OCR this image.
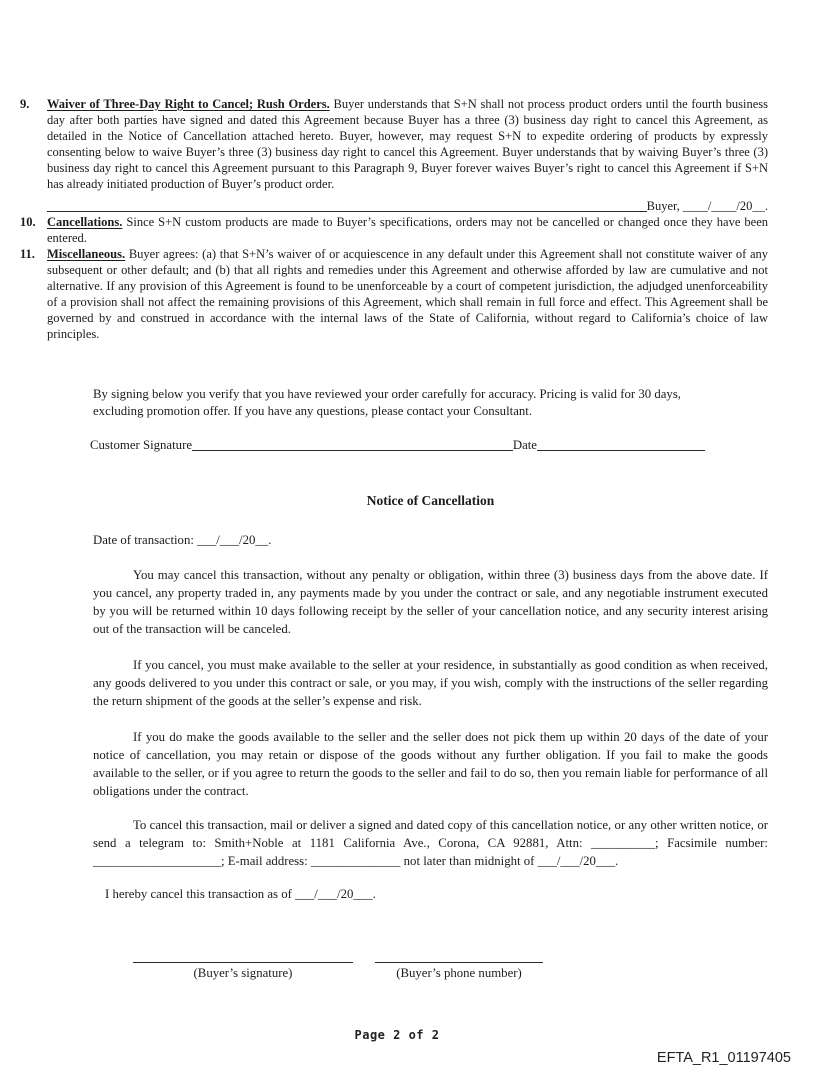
9.	Waiver of Three-Day Right to Cancel; Rush Orders. Buyer understands that S+N shall not process product orders until the fourth business day after both parties have signed and dated this Agreement because Buyer has a three (3) business day right to cancel this Agreement, as detailed in the Notice of Cancellation attached hereto. Buyer, however, may request S+N to expedite ordering of products by expressly consenting below to waive Buyer’s three (3) business day right to cancel this Agreement. Buyer understands that by waiving Buyer’s three (3) business day right to cancel this Agreement pursuant to this Paragraph 9, Buyer forever waives Buyer’s right to cancel this Agreement if S+N has already initiated production of Buyer’s product order.
Buyer, ____/____/20__.
10. Cancellations. Since S+N custom products are made to Buyer’s specifications, orders may not be cancelled or changed once they have been entered.
11. Miscellaneous. Buyer agrees: (a) that S+N’s waiver of or acquiescence in any default under this Agreement shall not constitute waiver of any subsequent or other default; and (b) that all rights and remedies under this Agreement and otherwise afforded by law are cumulative and not alternative. If any provision of this Agreement is found to be unenforceable by a court of competent jurisdiction, the adjudged unenforceability of a provision shall not affect the remaining provisions of this Agreement, which shall remain in full force and effect. This Agreement shall be governed by and construed in accordance with the internal laws of the State of California, without regard to California’s choice of law principles.
By signing below you verify that you have reviewed your order carefully for accuracy. Pricing is valid for 30 days, excluding promotion offer. If you have any questions, please contact your Consultant.
Customer Signature	Date
Notice of Cancellation
Date of transaction: ___/___/20__.
You may cancel this transaction, without any penalty or obligation, within three (3) business days from the above date. If you cancel, any property traded in, any payments made by you under the contract or sale, and any negotiable instrument executed by you will be returned within 10 days following receipt by the seller of your cancellation notice, and any security interest arising out of the transaction will be canceled.
If you cancel, you must make available to the seller at your residence, in substantially as good condition as when received, any goods delivered to you under this contract or sale, or you may, if you wish, comply with the instructions of the seller regarding the return shipment of the goods at the seller’s expense and risk.
If you do make the goods available to the seller and the seller does not pick them up within 20 days of the date of your notice of cancellation, you may retain or dispose of the goods without any further obligation. If you fail to make the goods available to the seller, or if you agree to return the goods to the seller and fail to do so, then you remain liable for performance of all obligations under the contract.
To cancel this transaction, mail or deliver a signed and dated copy of this cancellation notice, or any other written notice, or send a telegram to: Smith+Noble at 1181 California Ave., Corona, CA 92881, Attn: __________; Facsimile number: ____________________; E-mail address: ______________ not later than midnight of ___/___/20___.
I hereby cancel this transaction as of ___/___/20___.
(Buyer’s signature)	(Buyer’s phone number)
Page 2 of 2
EFTA_R1_01197405
